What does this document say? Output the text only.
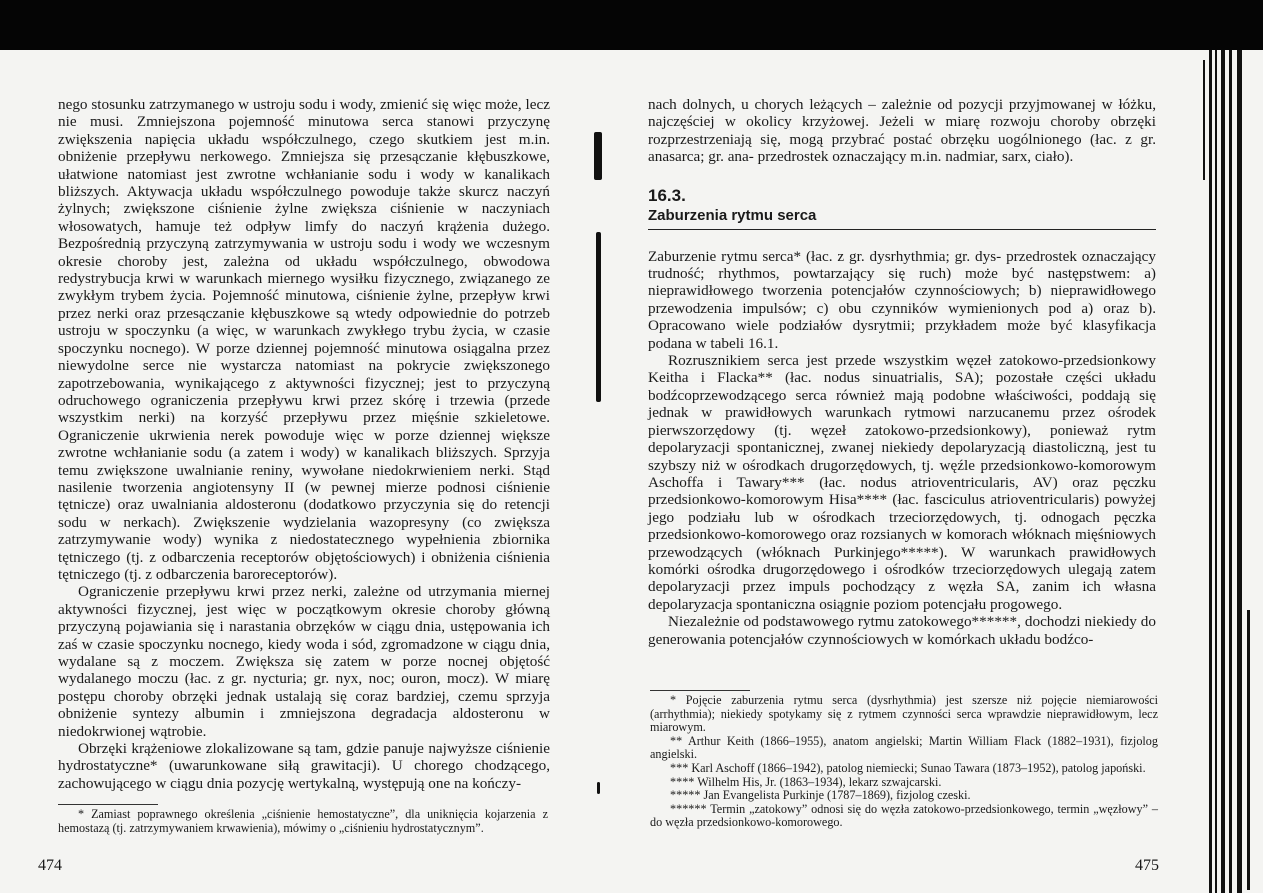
nego stosunku zatrzymanego w ustroju sodu i wody, zmienić się więc może, lecz nie musi. Zmniejszona pojemność minutowa serca stanowi przyczynę zwiększenia napięcia układu współczulnego, czego skutkiem jest m.in. obniżenie przepływu nerkowego. Zmniejsza się przesączanie kłębuszkowe, ułatwione natomiast jest zwrotne wchłanianie sodu i wody w kanalikach bliższych. Aktywacja układu współczulnego powoduje także skurcz naczyń żylnych; zwiększone ciśnienie żylne zwiększa ciśnienie w naczyniach włosowatych, hamuje też odpływ limfy do naczyń krążenia dużego. Bezpośrednią przyczyną zatrzymywania w ustroju sodu i wody we wczesnym okresie choroby jest, zależna od układu współczulnego, obwodowa redystrybucja krwi w warunkach miernego wysiłku fizycznego, związanego ze zwykłym trybem życia. Pojemność minutowa, ciśnienie żylne, przepływ krwi przez nerki oraz przesączanie kłębuszkowe są wtedy odpowiednie do potrzeb ustroju w spoczynku (a więc, w warunkach zwykłego trybu życia, w czasie spoczynku nocnego). W porze dziennej pojemność minutowa osiągalna przez niewydolne serce nie wystarcza natomiast na pokrycie zwiększonego zapotrzebowania, wynikającego z aktywności fizycznej; jest to przyczyną odruchowego ograniczenia przepływu krwi przez skórę i trzewia (przede wszystkim nerki) na korzyść przepływu przez mięśnie szkieletowe. Ograniczenie ukrwienia nerek powoduje więc w porze dziennej większe zwrotne wchłanianie sodu (a zatem i wody) w kanalikach bliższych. Sprzyja temu zwiększone uwalnianie reniny, wywołane niedokrwieniem nerki. Stąd nasilenie tworzenia angiotensyny II (w pewnej mierze podnosi ciśnienie tętnicze) oraz uwalniania aldosteronu (dodatkowo przyczynia się do retencji sodu w nerkach). Zwiększenie wydzielania wazopresyny (co zwiększa zatrzymywanie wody) wynika z niedostatecznego wypełnienia zbiornika tętniczego (tj. z odbarczenia receptorów objętościowych) i obniżenia ciśnienia tętniczego (tj. z odbarczenia baroreceptorów).

Ograniczenie przepływu krwi przez nerki, zależne od utrzymania miernej aktywności fizycznej, jest więc w początkowym okresie choroby główną przyczyną pojawiania się i narastania obrzęków w ciągu dnia, ustępowania ich zaś w czasie spoczynku nocnego, kiedy woda i sód, zgromadzone w ciągu dnia, wydalane są z moczem. Zwiększa się zatem w porze nocnej objętość wydalanego moczu (łac. z gr. nycturia; gr. nyx, noc; ouron, mocz). W miarę postępu choroby obrzęki jednak ustalają się coraz bardziej, czemu sprzyja obniżenie syntezy albumin i zmniejszona degradacja aldosteronu w niedokrwionej wątrobie.

Obrzęki krążeniowe zlokalizowane są tam, gdzie panuje najwyższe ciśnienie hydrostatyczne* (uwarunkowane siłą grawitacji). U chorego chodzącego, zachowującego w ciągu dnia pozycję wertykalną, występują one na kończy-

* Zamiast poprawnego określenia „ciśnienie hemostatyczne”, dla uniknięcia kojarzenia z hemostazą (tj. zatrzymywaniem krwawienia), mówimy o „ciśnieniu hydrostatycznym”.

474

nach dolnych, u chorych leżących – zależnie od pozycji przyjmowanej w łóżku, najczęściej w okolicy krzyżowej. Jeżeli w miarę rozwoju choroby obrzęki rozprzestrzeniają się, mogą przybrać postać obrzęku uogólnionego (łac. z gr. anasarca; gr. ana- przedrostek oznaczający m.in. nadmiar, sarx, ciało).

16.3.
Zaburzenia rytmu serca

Zaburzenie rytmu serca* (łac. z gr. dysrhythmia; gr. dys- przedrostek oznaczający trudność; rhythmos, powtarzający się ruch) może być następstwem: a) nieprawidłowego tworzenia potencjałów czynnościowych; b) nieprawidłowego przewodzenia impulsów; c) obu czynników wymienionych pod a) oraz b). Opracowano wiele podziałów dysrytmii; przykładem może być klasyfikacja podana w tabeli 16.1.

Rozrusznikiem serca jest przede wszystkim węzeł zatokowo-przedsionkowy Keitha i Flacka** (łac. nodus sinuatrialis, SA); pozostałe części układu bodźcoprzewodzącego serca również mają podobne właściwości, poddają się jednak w prawidłowych warunkach rytmowi narzucanemu przez ośrodek pierwszorzędowy (tj. węzeł zatokowo-przedsionkowy), ponieważ rytm depolaryzacji spontanicznej, zwanej niekiedy depolaryzacją diastoliczną, jest tu szybszy niż w ośrodkach drugorzędowych, tj. węźle przedsionkowo-komorowym Aschoffa i Tawary*** (łac. nodus atrioventricularis, AV) oraz pęczku przedsionkowo-komorowym Hisa**** (łac. fasciculus atrioventricularis) powyżej jego podziału lub w ośrodkach trzeciorzędowych, tj. odnogach pęczka przedsionkowo-komorowego oraz rozsianych w komorach włóknach mięśniowych przewodzących (włóknach Purkinjego*****). W warunkach prawidłowych komórki ośrodka drugorzędowego i ośrodków trzeciorzędowych ulegają zatem depolaryzacji przez impuls pochodzący z węzła SA, zanim ich własna depolaryzacja spontaniczna osiągnie poziom potencjału progowego.

Niezależnie od podstawowego rytmu zatokowego******, dochodzi niekiedy do generowania potencjałów czynnościowych w komórkach układu bodźco-

* Pojęcie zaburzenia rytmu serca (dysrhythmia) jest szersze niż pojęcie niemiarowości (arrhythmia); niekiedy spotykamy się z rytmem czynności serca wprawdzie nieprawidłowym, lecz miarowym.

** Arthur Keith (1866–1955), anatom angielski; Martin William Flack (1882–1931), fizjolog angielski.

*** Karl Aschoff (1866–1942), patolog niemiecki; Sunao Tawara (1873–1952), patolog japoński.

**** Wilhelm His, Jr. (1863–1934), lekarz szwajcarski.

***** Jan Evangelista Purkinje (1787–1869), fizjolog czeski.

****** Termin „zatokowy” odnosi się do węzła zatokowo-przedsionkowego, termin „węzłowy” – do węzła przedsionkowo-komorowego.

475
